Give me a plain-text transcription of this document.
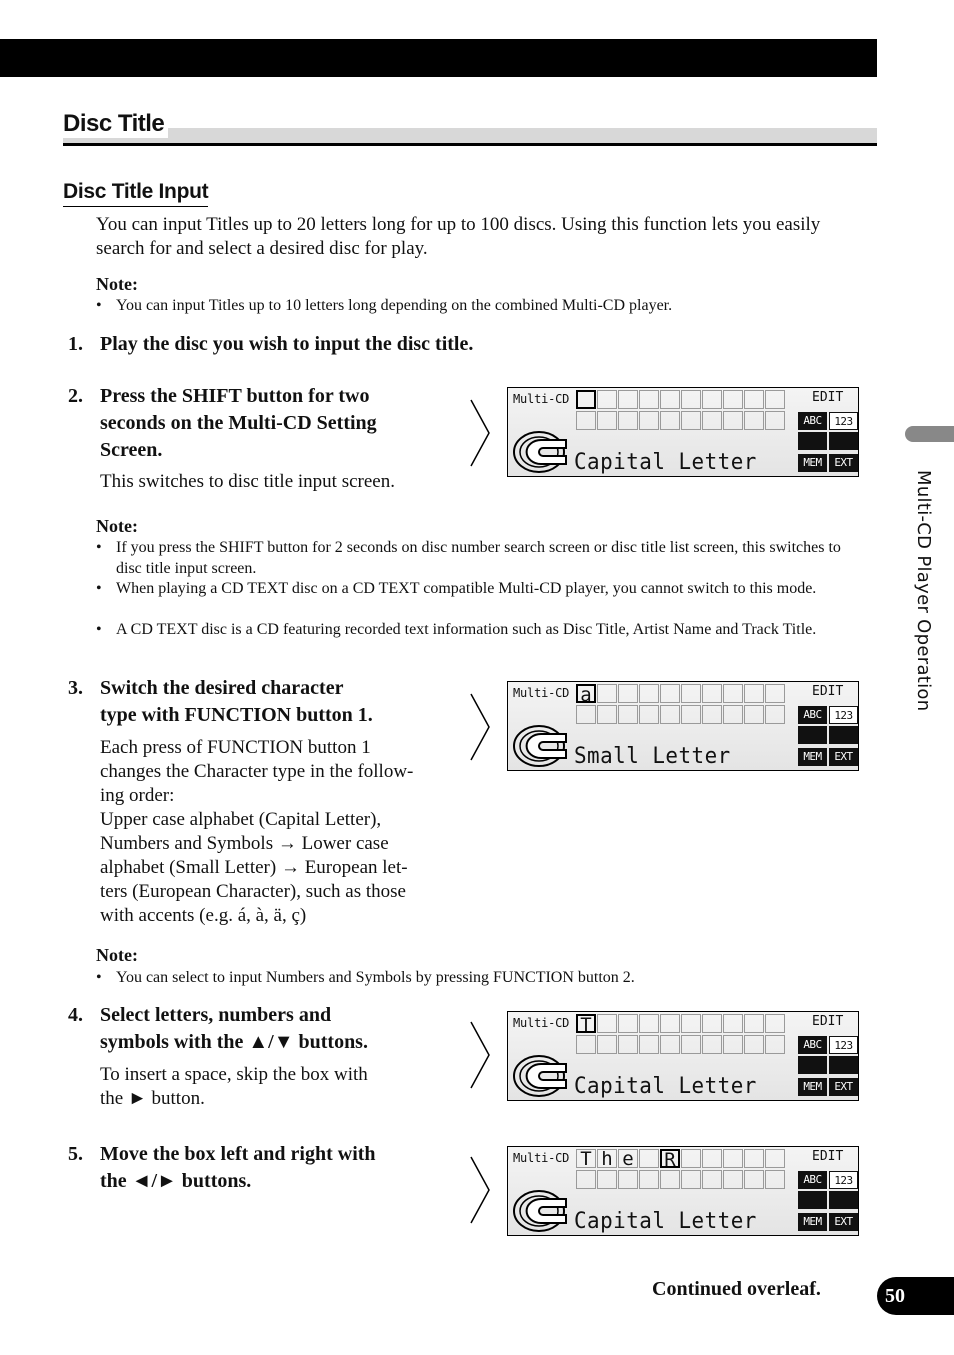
Disc Title
Disc Title Input
You can input Titles up to 20 letters long for up to 100 discs. Using this function lets you easily search for and select a desired disc for play.
Note:
• You can input Titles up to 10 letters long depending on the combined Multi-CD player.
1. Play the disc you wish to input the disc title.
2. Press the SHIFT button for two
seconds on the Multi-CD Setting
Screen.
This switches to disc title input screen.
Note:
• If you press the SHIFT button for 2 seconds on disc number search screen or disc title list screen, this switches to disc title input screen.
• When playing a CD TEXT disc on a CD TEXT compatible Multi-CD player, you cannot switch to this mode.
• A CD TEXT disc is a CD featuring recorded text information such as Disc Title, Artist Name and Track Title.
3. Switch the desired character
type with FUNCTION button 1.
Each press of FUNCTION button 1
changes the Character type in the follow-
ing order:
Upper case alphabet (Capital Letter),
Numbers and Symbols → Lower case
alphabet (Small Letter) → European let-
ters (European Character), such as those
with accents (e.g. á, à, ä, ç)
Note:
• You can select to input Numbers and Symbols by pressing FUNCTION button 2.
4. Select letters, numbers and
symbols with the ▲/▼ buttons.
To insert a space, skip the box with
the ► button.
5. Move the box left and right with
the ◄/► buttons.
Multi-CD
Capital Letter
EDIT
ABC	123
MEM	EXT
Multi-CD a
Small Letter
EDIT
ABC	123
MEM	EXT
Multi-CD T
Capital Letter
EDIT
ABC	123
MEM	EXT
Multi-CD T h e R
Capital Letter
EDIT
ABC	123
MEM	EXT
Multi-CD Player Operation
Continued overleaf.	50
